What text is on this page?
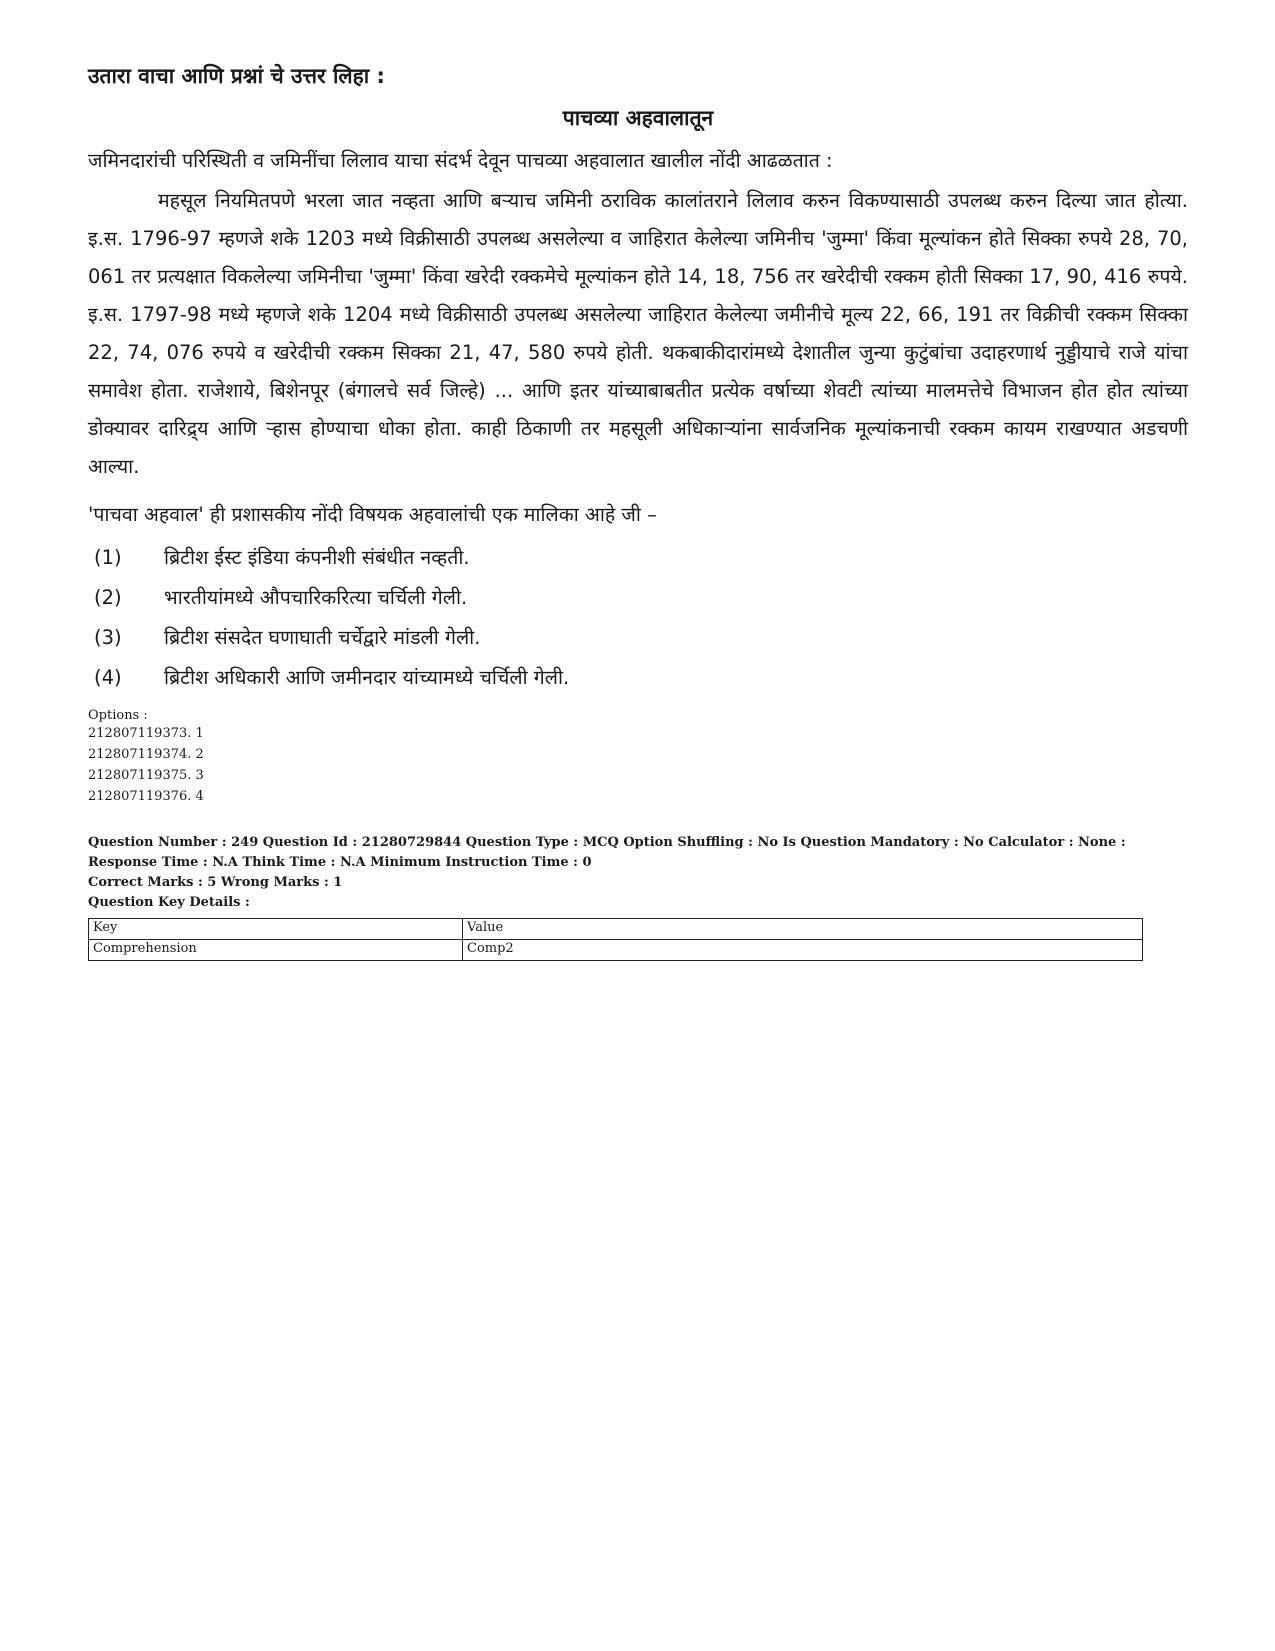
उतारा वाचा आणि प्रश्नां चे उत्तर लिहा :
पाचव्या अहवालातून
जमिनदारांची परिस्थिती व जमिनींचा लिलाव याचा संदर्भ देवून पाचव्या अहवालात खालील नोंदी आढळतात :

महसूल नियमितपणे भरला जात नव्हता आणि बऱ्याच जमिनी ठराविक कालांतराने लिलाव करुन विकण्यासाठी उपलब्ध करुन दिल्या जात होत्या. इ.स. 1796-97 म्हणजे शके 1203 मध्ये विक्रीसाठी उपलब्ध असलेल्या व जाहिरात केलेल्या जमिनीच 'जुम्मा' किंवा मूल्यांकन होते सिक्का रुपये 28, 70, 061 तर प्रत्यक्षात विकलेल्या जमिनीचा 'जुम्मा' किंवा खरेदी रक्कमेचे मूल्यांकन होते 14, 18, 756 तर खरेदीची रक्कम होती सिक्का 17, 90, 416 रुपये. इ.स. 1797-98 मध्ये म्हणजे शके 1204 मध्ये विक्रीसाठी उपलब्ध असलेल्या जाहिरात केलेल्या जमीनीचे मूल्य 22, 66, 191 तर विक्रीची रक्कम सिक्का 22, 74, 076 रुपये व खरेदीची रक्कम सिक्का 21, 47, 580 रुपये होती. थकबाकीदारांमध्ये देशातील जुन्या कुटुंबांचा उदाहरणार्थ नुड्डीयाचे राजे यांचा समावेश होता. राजेशाये, बिशेनपूर (बंगालचे सर्व जिल्हे) ... आणि इतर यांच्याबाबतीत प्रत्येक वर्षाच्या शेवटी त्यांच्या मालमत्तेचे विभाजन होत होत त्यांच्या डोक्यावर दारिद्र्य आणि ऱ्हास होण्याचा धोका होता. काही ठिकाणी तर महसूली अधिकाऱ्यांना सार्वजनिक मूल्यांकनाची रक्कम कायम राखण्यात अडचणी आल्या.

'पाचवा अहवाल' ही प्रशासकीय नोंदी विषयक अहवालांची एक मालिका आहे जी –
(1)	ब्रिटीश ईस्ट इंडिया कंपनीशी संबंधीत नव्हती.
(2)	भारतीयांमध्ये औपचारिकरित्या चर्चिली गेली.
(3)	ब्रिटीश संसदेत घणाघाती चर्चेद्वारे मांडली गेली.
(4)	ब्रिटीश अधिकारी आणि जमीनदार यांच्यामध्ये चर्चिली गेली.
Options :
212807119373. 1
212807119374. 2
212807119375. 3
212807119376. 4
Question Number : 249 Question Id : 21280729844 Question Type : MCQ Option Shuffling : No Is Question Mandatory : No Calculator : None :
Response Time : N.A Think Time : N.A Minimum Instruction Time : 0
Correct Marks : 5 Wrong Marks : 1
Question Key Details :
Key	Value
Comprehension	Comp2
